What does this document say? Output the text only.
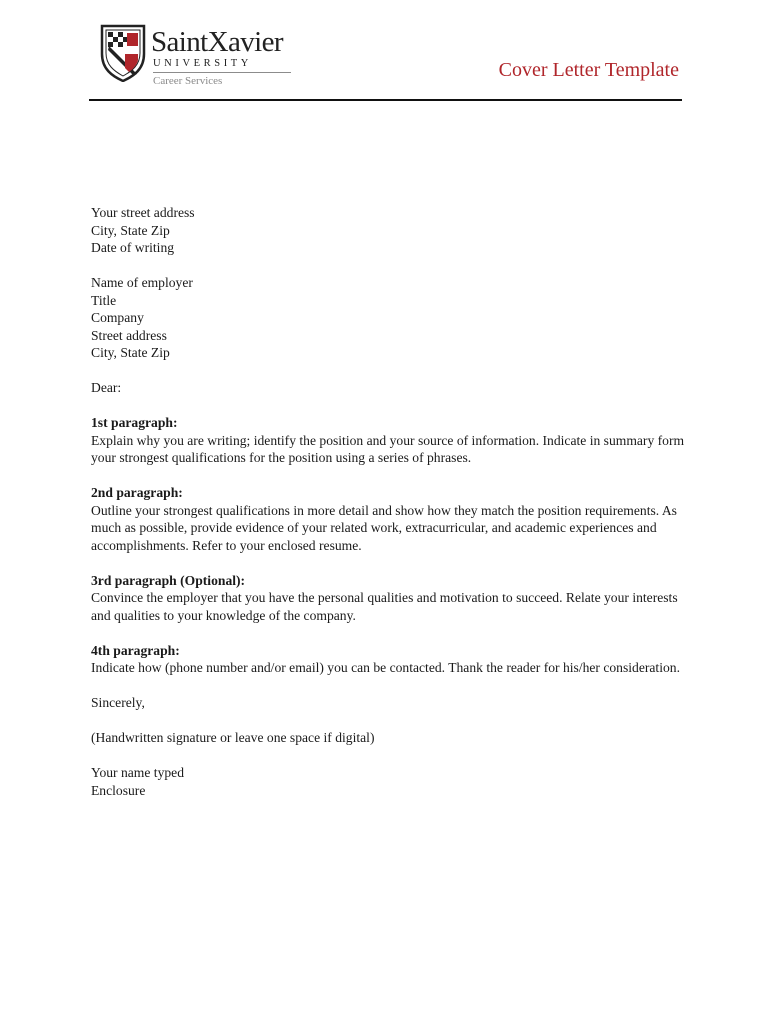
SaintXavier
UNIVERSITY
Career Services	Cover Letter Template
Your street address
City, State Zip
Date of writing
Name of employer
Title
Company
Street address
City, State Zip
Dear:
1st paragraph:
Explain why you are writing; identify the position and your source of information. Indicate in summary form your strongest qualifications for the position using a series of phrases.
2nd paragraph:
Outline your strongest qualifications in more detail and show how they match the position requirements. As much as possible, provide evidence of your related work, extracurricular, and academic experiences and accomplishments. Refer to your enclosed resume.
3rd paragraph (Optional):
Convince the employer that you have the personal qualities and motivation to succeed. Relate your interests and qualities to your knowledge of the company.
4th paragraph:
Indicate how (phone number and/or email) you can be contacted. Thank the reader for his/her consideration.
Sincerely,
(Handwritten signature or leave one space if digital)
Your name typed
Enclosure
